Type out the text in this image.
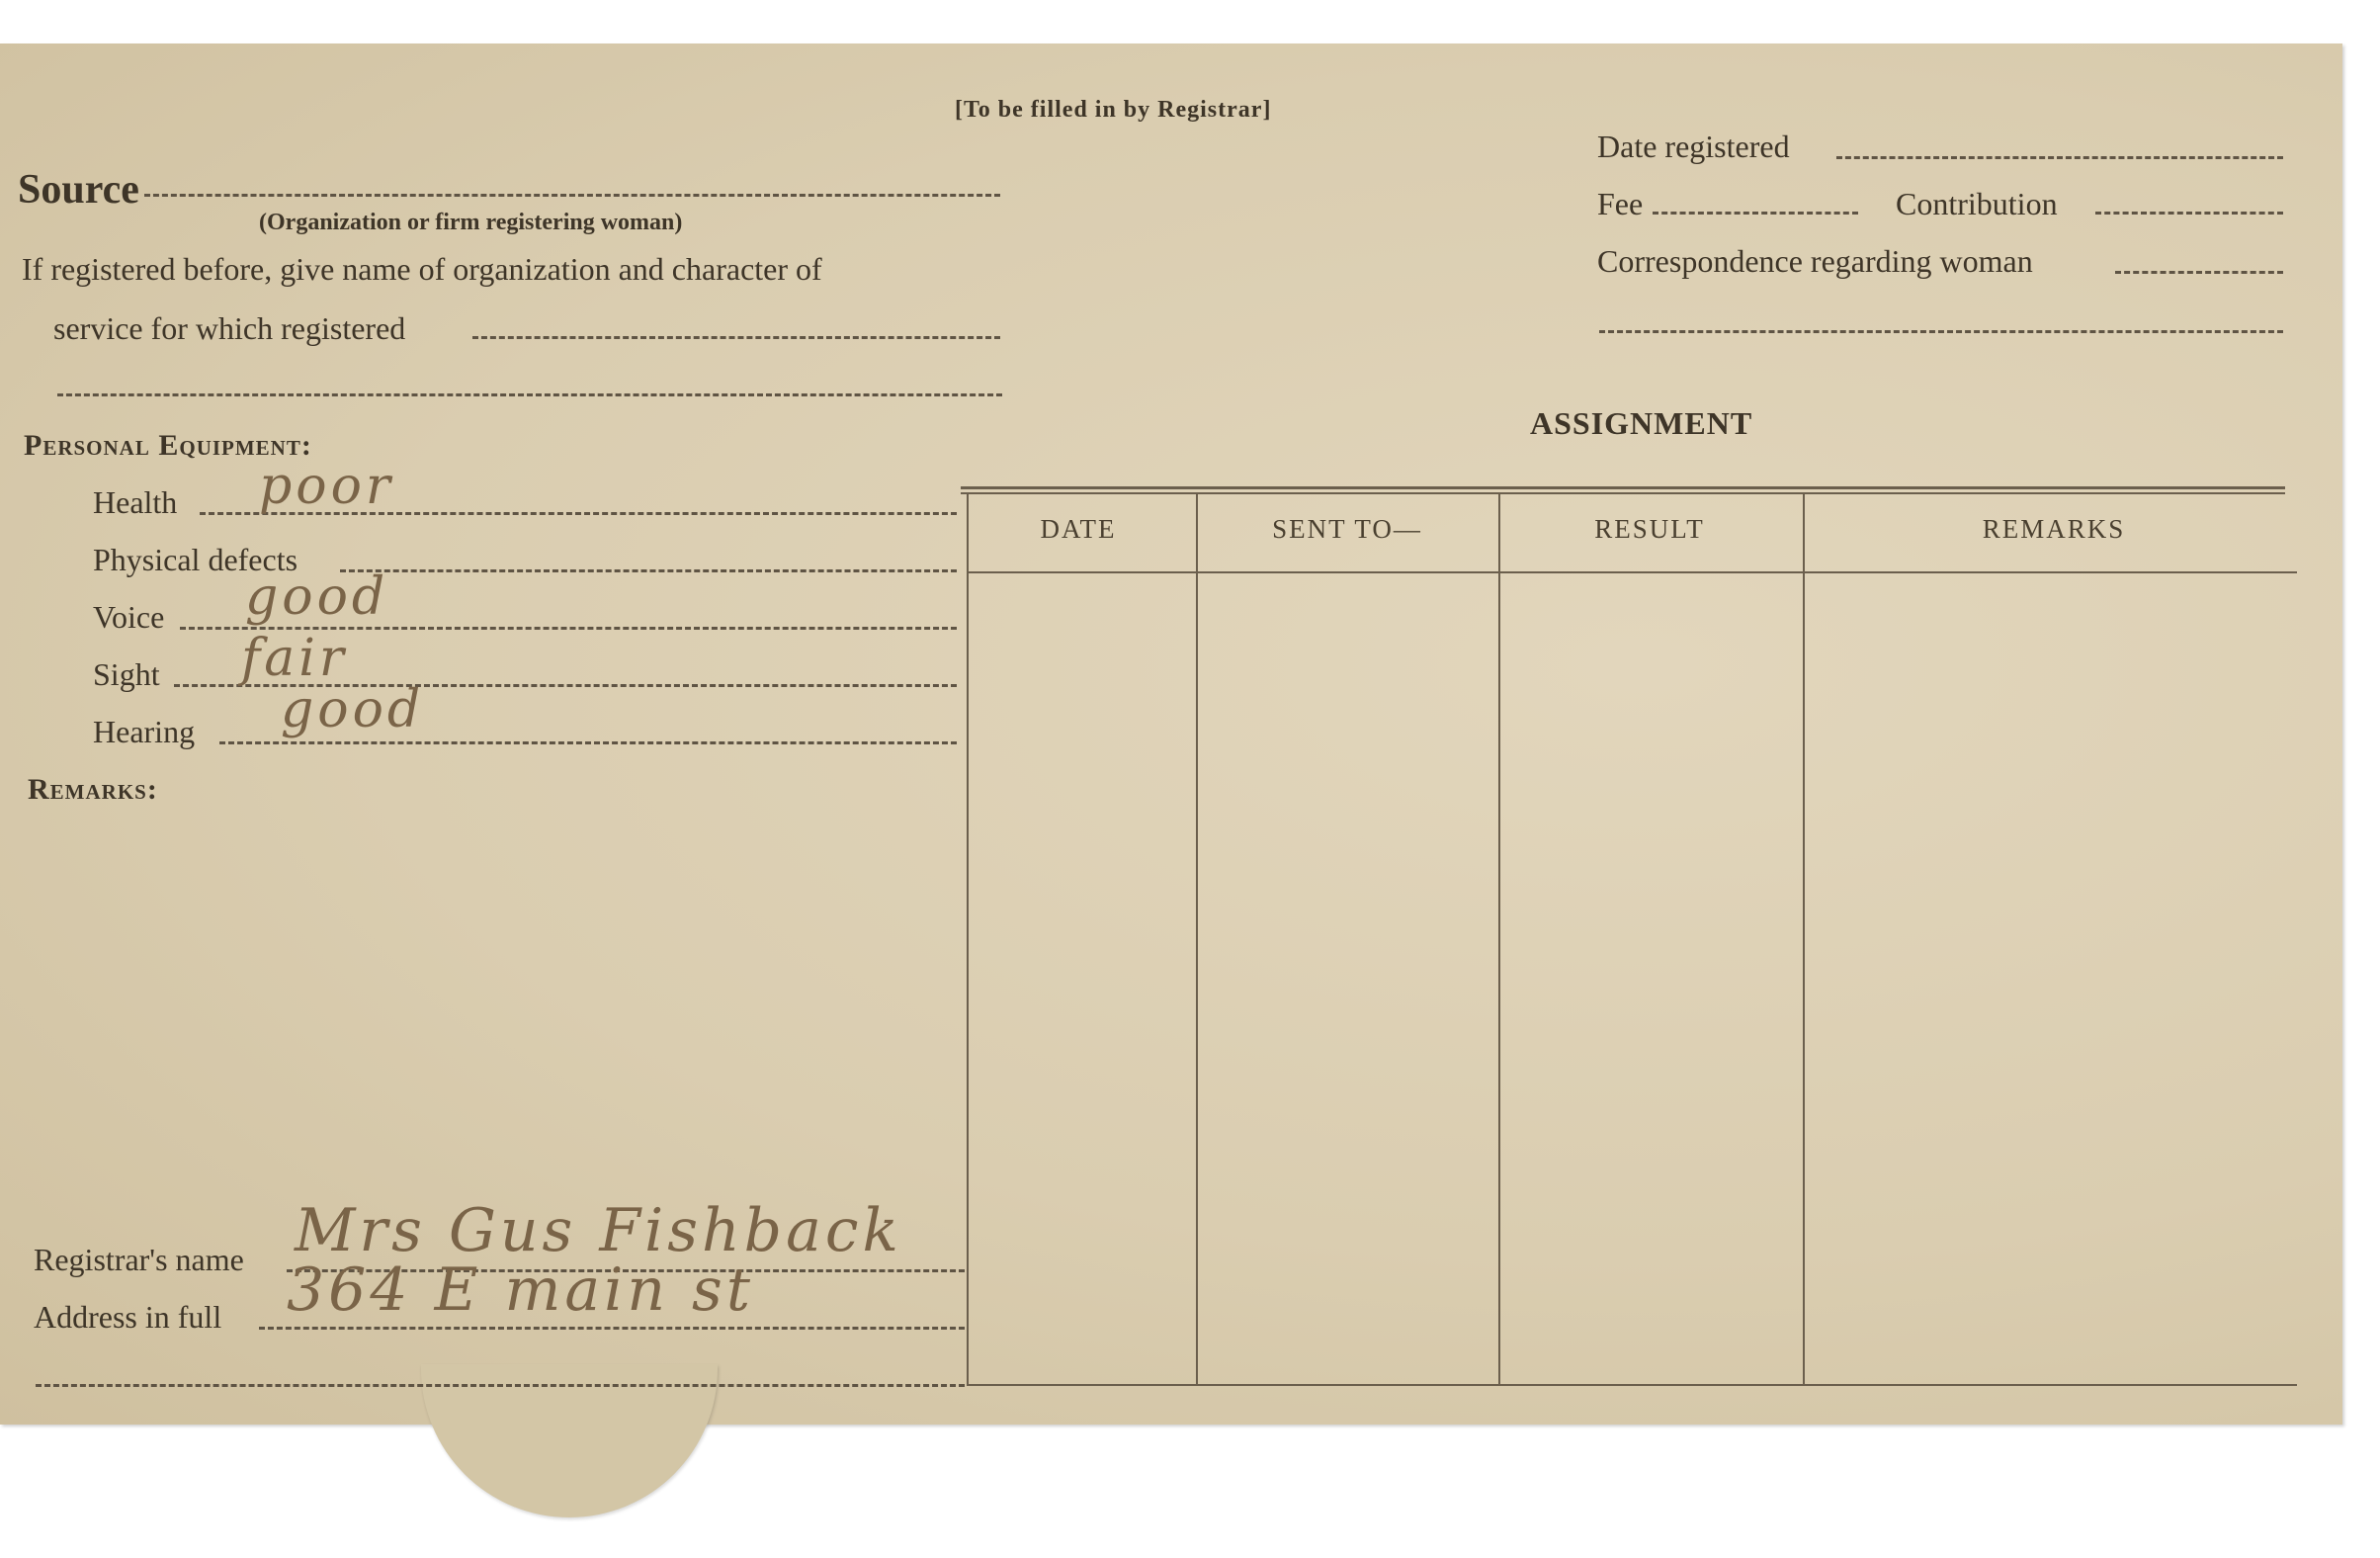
[To be filled in by Registrar]
Source
(Organization or firm registering woman)
If registered before, give name of organization and character of
service for which registered
Date registered
Fee	Contribution
Correspondence regarding woman
ASSIGNMENT
DATE	SENT TO—	RESULT	REMARKS
Personal Equipment:
Health poor
Physical defects
Voice good
Sight fair
Hearing good
Remarks:
Registrar's name Mrs Gus Fishback
Address in full 364 E main st
